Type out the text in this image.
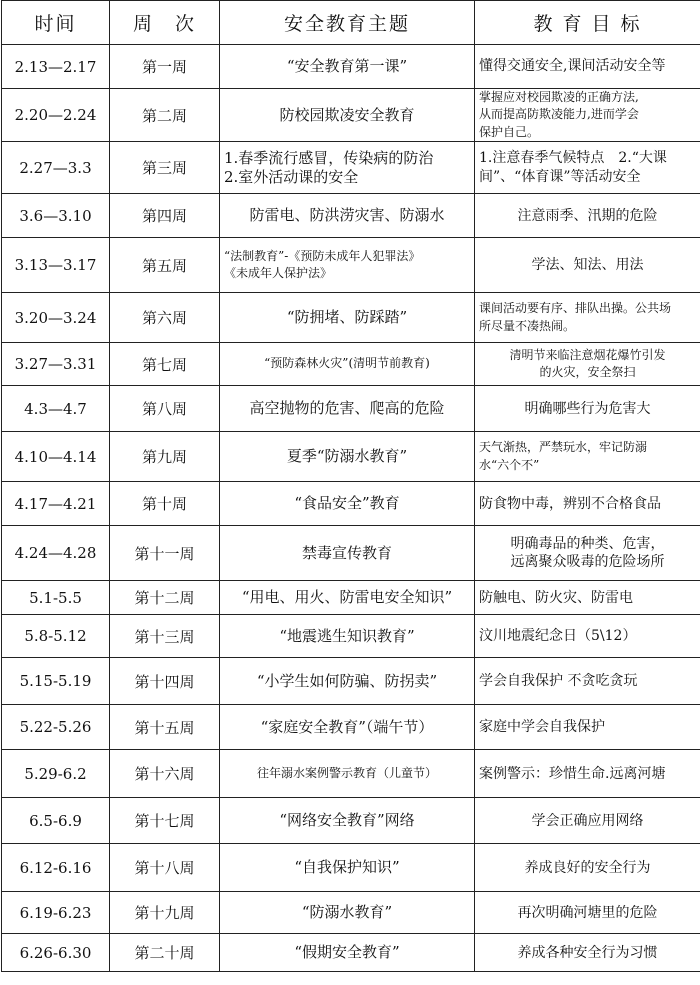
时间	周　次	安全教育主题	教 育 目 标
2.13—2.17	第一周	“安全教育第一课”	懂得交通安全,课间活动安全等

2.20—2.24	第二周	防校园欺凌安全教育	掌握应对校园欺凌的正确方法,
从而提高防欺凌能力,进而学会
保护自己。

2.27—3.3	第三周	1.春季流行感冒，传染病的防治
2.室外活动课的安全	1.注意春季气候特点　2.“大课
间”、“体育课”等活动安全

3.6—3.10	第四周	防雷电、防洪涝灾害、防溺水	注意雨季、汛期的危险

3.13—3.17	第五周	“法制教育”-《预防未成年人犯罪法》
《未成年人保护法》	学法、知法、用法

3.20—3.24	第六周	“防拥堵、防踩踏”	课间活动要有序、排队出操。公共场
所尽量不凑热闹。

3.27—3.31	第七周	“预防森林火灾”(清明节前教育)	清明节来临注意烟花爆竹引发
的火灾，安全祭扫

4.3—4.7	第八周	高空抛物的危害、爬高的危险	明确哪些行为危害大

4.10—4.14	第九周	夏季“防溺水教育”	天气渐热，严禁玩水，牢记防溺
水“六个不”

4.17—4.21	第十周	“食品安全”教育	防食物中毒，辨别不合格食品

4.24—4.28	第十一周	禁毒宣传教育	明确毒品的种类、危害，
远离聚众吸毒的危险场所

5.1-5.5	第十二周	“用电、用火、防雷电安全知识”	防触电、防火灾、防雷电

5.8-5.12	第十三周	“地震逃生知识教育”	汶川地震纪念日（5\12）

5.15-5.19	第十四周	“小学生如何防骗、防拐卖”	学会自我保护 不贪吃贪玩

5.22-5.26	第十五周	“家庭安全教育”（端午节）	家庭中学会自我保护

5.29-6.2	第十六周	往年溺水案例警示教育（儿童节）	案例警示：珍惜生命.远离河塘

6.5-6.9	第十七周	“网络安全教育”网络	学会正确应用网络

6.12-6.16	第十八周	“自我保护知识”	养成良好的安全行为

6.19-6.23	第十九周	“防溺水教育”	再次明确河塘里的危险

6.26-6.30	第二十周	“假期安全教育”	养成各种安全行为习惯
